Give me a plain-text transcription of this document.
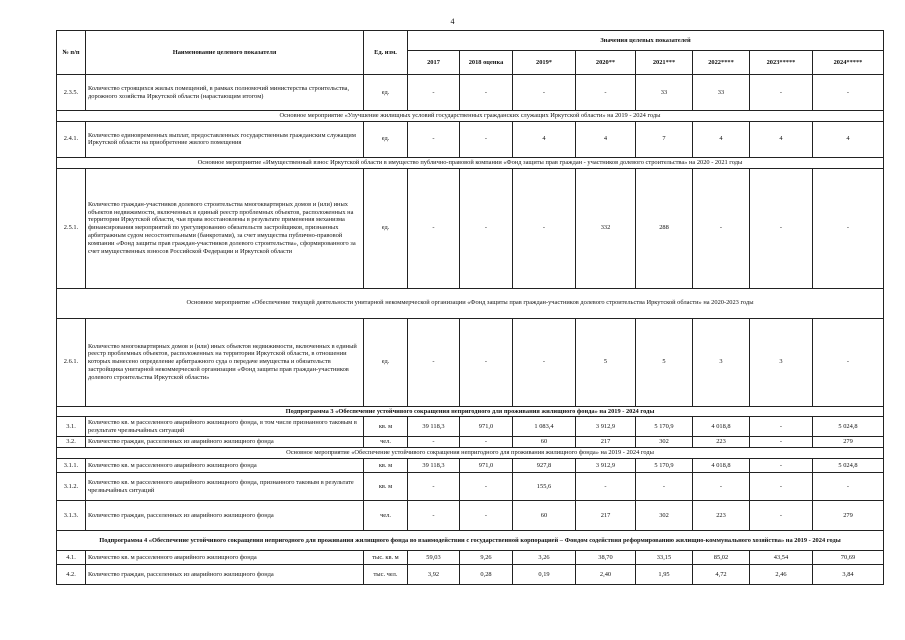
4
№ п/п	Наименование целевого показателя	Ед. изм.	Значения целевых показателей							
			2017	2018 оценка	2019*	2020**	2021***	2022****	2023*****	2024*****
2.3.5.	Количество строящихся жилых помещений, в рамках полномочий министерства строительства, дорожного хозяйства Иркутской области (нарастающим итогом)	ед.	-	-	-	-	33	33	-	-
Основное мероприятие «Улучшение жилищных условий государственных гражданских служащих Иркутской области» на 2019 - 2024 годы										
2.4.1.	Количество единовременных выплат, предоставленных государственным гражданским служащим Иркутской области на приобретение жилого помещения	ед.	-	-	4	4	7	4	4	4
Основное мероприятие «Имущественный взнос Иркутской области в имущество публично-правовой компании «Фонд защиты прав граждан - участников долевого строительства» на 2020 - 2021 годы										
2.5.1.	Количество граждан-участников долевого строительства многоквартирных домов и (или) иных объектов недвижимости, включенных в единый реестр проблемных объектов, расположенных на территории Иркутской области, чьи права восстановлены в результате применения механизма финансирования мероприятий по урегулированию обязательств застройщиков, признанных арбитражным судом несостоятельными (банкротами), за счет имущества публично-правовой компании «Фонд защиты прав граждан-участников долевого строительства», сформированного за счет имущественных взносов Российской Федерации и Иркутской области	ед.	-	-	-	332	288	-	-	-
Основное мероприятие «Обеспечение текущей деятельности унитарной некоммерческой организации «Фонд защиты прав граждан-участников долевого строительства Иркутской области» на 2020-2023 годы										
2.6.1.	Количество многоквартирных домов и (или) иных объектов недвижимости, включенных в единый реестр проблемных объектов, расположенных на территории Иркутской области, в отношении которых вынесено определение арбитражного суда о передаче имущества и обязательств застройщика унитарной некоммерческой организации «Фонд защиты прав граждан-участников долевого строительства Иркутской области»	ед.	-	-	-	5	5	3	3	-
Подпрограмма 3 «Обеспечение устойчивого сокращения непригодного для проживания жилищного фонда» на 2019 - 2024 годы										
3.1.	Количество кв. м расселенного аварийного жилищного фонда, в том числе признанного таковым в результате чрезвычайных ситуаций	кв. м	39 118,3	971,0	1 083,4	3 912,9	5 170,9	4 018,8	-	5 024,8
3.2.	Количество граждан, расселенных из аварийного жилищного фонда	чел.	-	-	60	217	302	223	-	279
Основное мероприятие «Обеспечение устойчивого сокращения непригодного для проживания жилищного фонда» на 2019 - 2024 годы										
3.1.1.	Количество кв. м расселенного аварийного жилищного фонда	кв. м	39 118,3	971,0	927,8	3 912,9	5 170,9	4 018,8	-	5 024,8
3.1.2.	Количество кв. м расселенного аварийного жилищного фонда, признанного таковым в результате чрезвычайных ситуаций	кв. м	-	-	155,6	-	-	-	-	-
3.1.3.	Количество граждан, расселенных из аварийного жилищного фонда	чел.	-	-	60	217	302	223	-	279
Подпрограмма 4 «Обеспечение устойчивого сокращения непригодного для проживания жилищного фонда во взаимодействии с государственной корпорацией – Фондом содействия реформированию жилищно-коммунального хозяйства» на 2019 - 2024 годы										
4.1.	Количество кв. м расселенного аварийного жилищного фонда	тыс. кв. м	59,03	9,26	3,26	38,70	33,15	85,02	43,54	70,69
4.2.	Количество граждан, расселенных из аварийного жилищного фонда	тыс. чел.	3,92	0,28	0,19	2,40	1,95	4,72	2,46	3,84
